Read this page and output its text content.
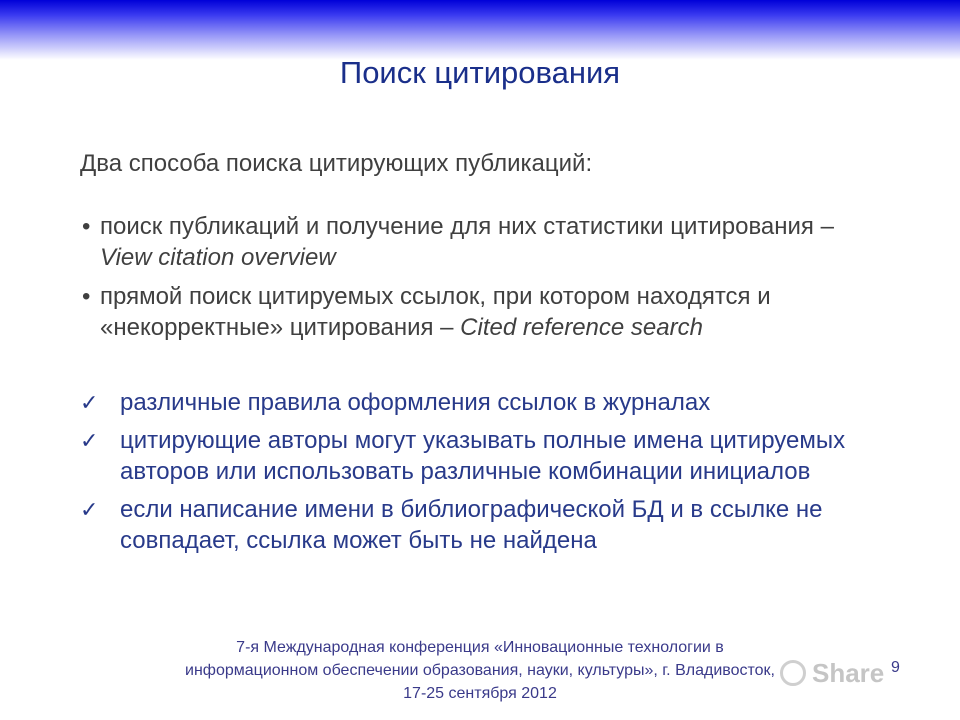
Поиск цитирования
Два способа поиска цитирующих публикаций:
• поиск публикаций и получение для них статистики цитирования –
View citation overview
• прямой поиск цитируемых ссылок, при котором находятся и «некорректные» цитирования – Cited reference search
✓ различные правила оформления ссылок в журналах
✓ цитирующие авторы могут указывать полные имена цитируемых авторов или использовать различные комбинации инициалов
✓ если написание имени в библиографической БД и в ссылке не совпадает, ссылка может быть не найдена
7-я Международная конференция «Инновационные технологии в
информационном обеспечении образования, науки, культуры», г. Владивосток,
17-25 сентября 2012
Share 9
